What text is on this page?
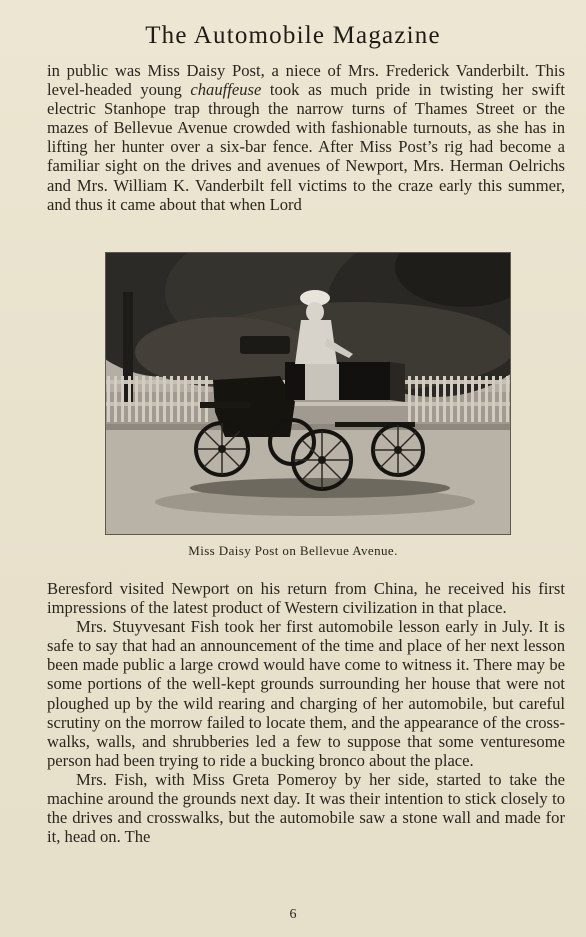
The Automobile Magazine

in public was Miss Daisy Post, a niece of Mrs. Frederick Vanderbilt. This level-headed young chauffeuse took as much pride in twisting her swift electric Stanhope trap through the narrow turns of Thames Street or the mazes of Bellevue Avenue crowded with fashionable turnouts, as she has in lifting her hunter over a six-bar fence. After Miss Post’s rig had become a familiar sight on the drives and avenues of Newport, Mrs. Herman Oelrichs and Mrs. William K. Vanderbilt fell victims to the craze early this summer, and thus it came about that when Lord

Miss Daisy Post on Bellevue Avenue.

Beresford visited Newport on his return from China, he received his first impressions of the latest product of Western civilization in that place.

Mrs. Stuyvesant Fish took her first automobile lesson early in July. It is safe to say that had an announcement of the time and place of her next lesson been made public a large crowd would have come to witness it. There may be some portions of the well-kept grounds surrounding her house that were not ploughed up by the wild rearing and charging of her automobile, but careful scrutiny on the morrow failed to locate them, and the appearance of the cross-walks, walls, and shrubberies led a few to suppose that some venturesome person had been trying to ride a bucking bronco about the place.

Mrs. Fish, with Miss Greta Pomeroy by her side, started to take the machine around the grounds next day. It was their intention to stick closely to the drives and crosswalks, but the automobile saw a stone wall and made for it, head on. The

6
